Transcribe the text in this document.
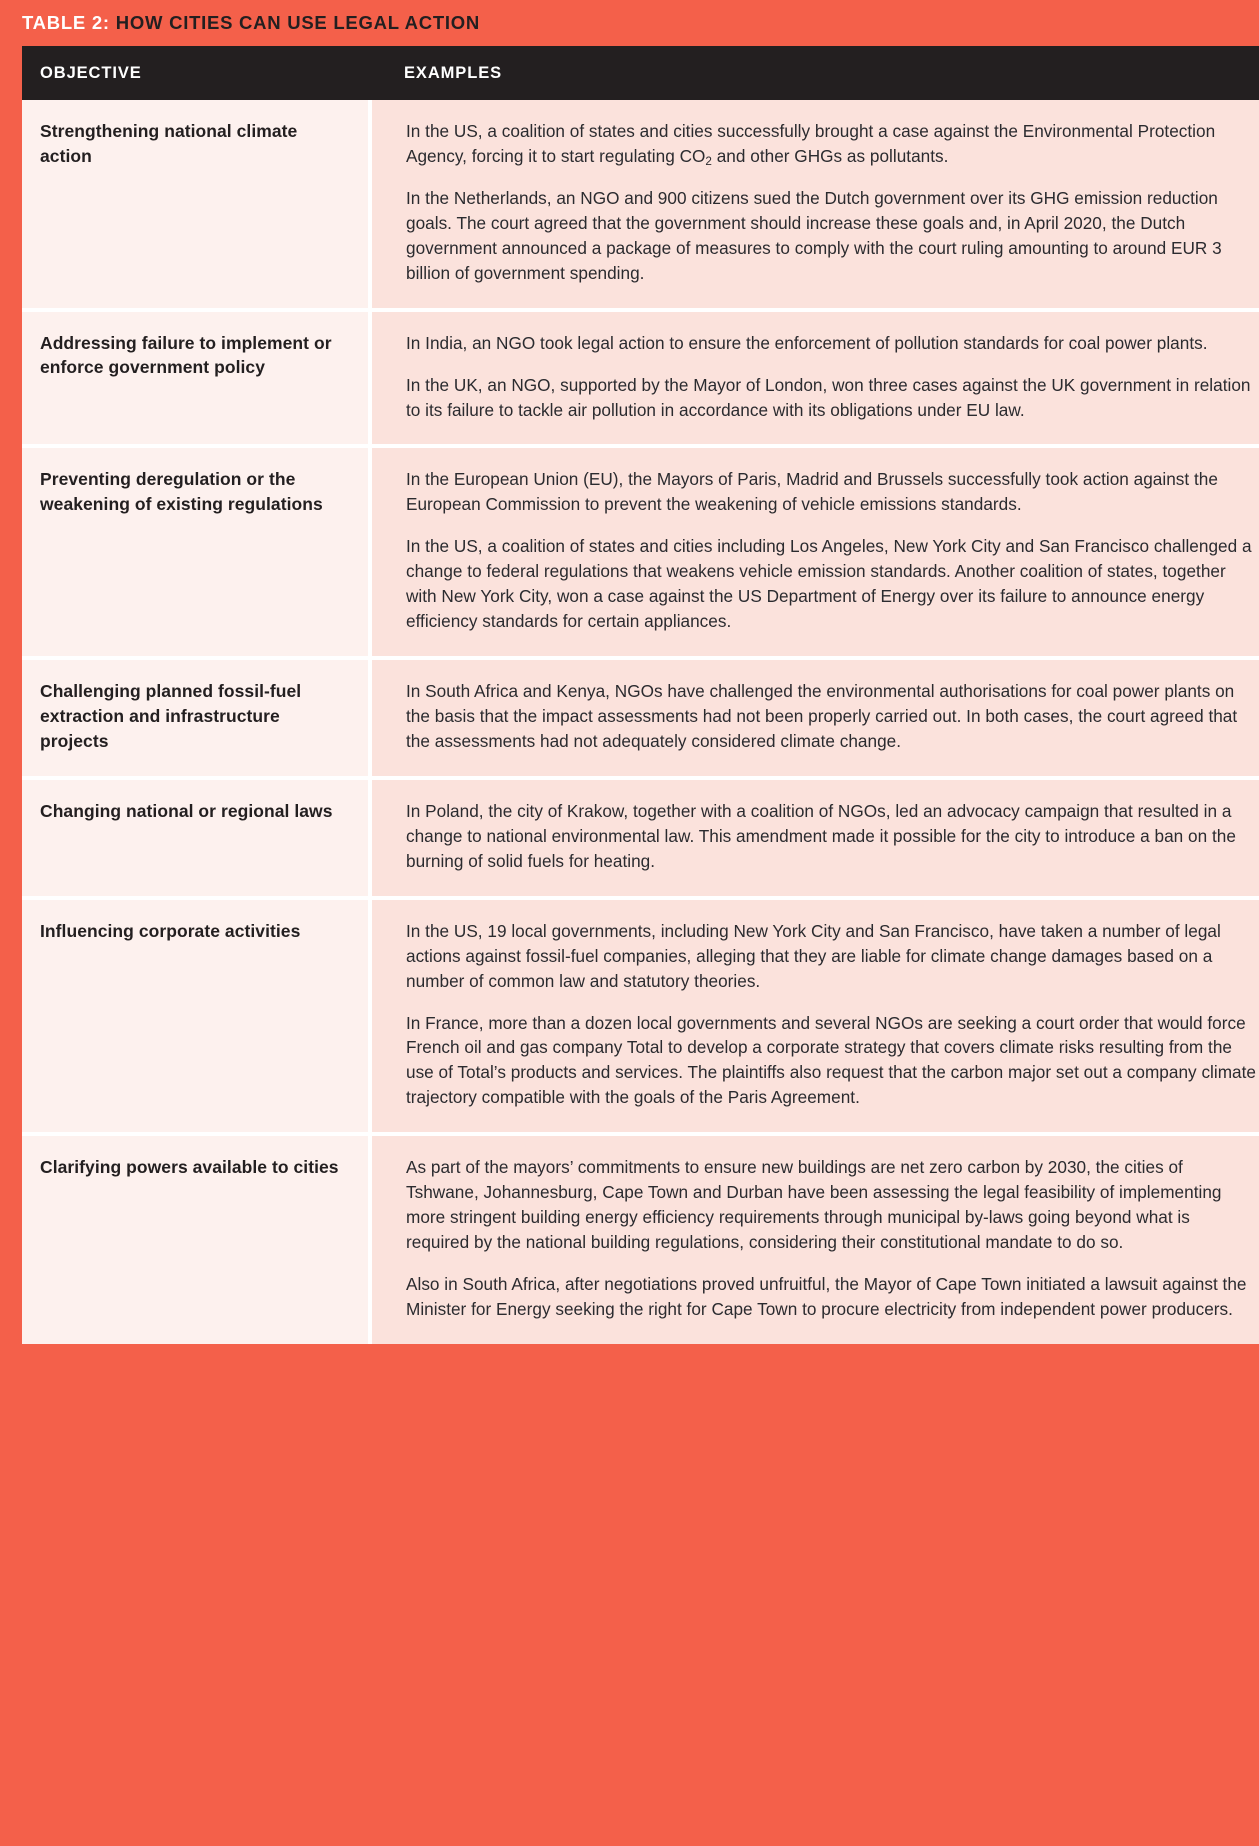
TABLE 2: HOW CITIES CAN USE LEGAL ACTION
OBJECTIVE	EXAMPLES

Strengthening national climate action	In the US, a coalition of states and cities successfully brought a case against the Environmental Protection Agency, forcing it to start regulating $CO_2$ and other GHGs as pollutants.

In the Netherlands, an NGO and 900 citizens sued the Dutch government over its GHG emission reduction goals. The court agreed that the government should increase these goals and, in April 2020, the Dutch government announced a package of measures to comply with the court ruling amounting to around EUR 3 billion of government spending.

Addressing failure to implement or enforce government policy	In India, an NGO took legal action to ensure the enforcement of pollution standards for coal power plants.

In the UK, an NGO, supported by the Mayor of London, won three cases against the UK government in relation to its failure to tackle air pollution in accordance with its obligations under EU law.

Preventing deregulation or the weakening of existing regulations	In the European Union (EU), the Mayors of Paris, Madrid and Brussels successfully took action against the European Commission to prevent the weakening of vehicle emissions standards.

In the US, a coalition of states and cities including Los Angeles, New York City and San Francisco challenged a change to federal regulations that weakens vehicle emission standards. Another coalition of states, together with New York City, won a case against the US Department of Energy over its failure to announce energy efficiency standards for certain appliances.

Challenging planned fossil-fuel extraction and infrastructure projects	In South Africa and Kenya, NGOs have challenged the environmental authorisations for coal power plants on the basis that the impact assessments had not been properly carried out. In both cases, the court agreed that the assessments had not adequately considered climate change.

Changing national or regional laws	In Poland, the city of Krakow, together with a coalition of NGOs, led an advocacy campaign that resulted in a change to national environmental law. This amendment made it possible for the city to introduce a ban on the burning of solid fuels for heating.

Influencing corporate activities	In the US, 19 local governments, including New York City and San Francisco, have taken a number of legal actions against fossil-fuel companies, alleging that they are liable for climate change damages based on a number of common law and statutory theories.

In France, more than a dozen local governments and several NGOs are seeking a court order that would force French oil and gas company Total to develop a corporate strategy that covers climate risks resulting from the use of Total’s products and services. The plaintiffs also request that the carbon major set out a company climate trajectory compatible with the goals of the Paris Agreement.

Clarifying powers available to cities	As part of the mayors’ commitments to ensure new buildings are net zero carbon by 2030, the cities of Tshwane, Johannesburg, Cape Town and Durban have been assessing the legal feasibility of implementing more stringent building energy efficiency requirements through municipal by-laws going beyond what is required by the national building regulations, considering their constitutional mandate to do so.

Also in South Africa, after negotiations proved unfruitful, the Mayor of Cape Town initiated a lawsuit against the Minister for Energy seeking the right for Cape Town to procure electricity from independent power producers.
